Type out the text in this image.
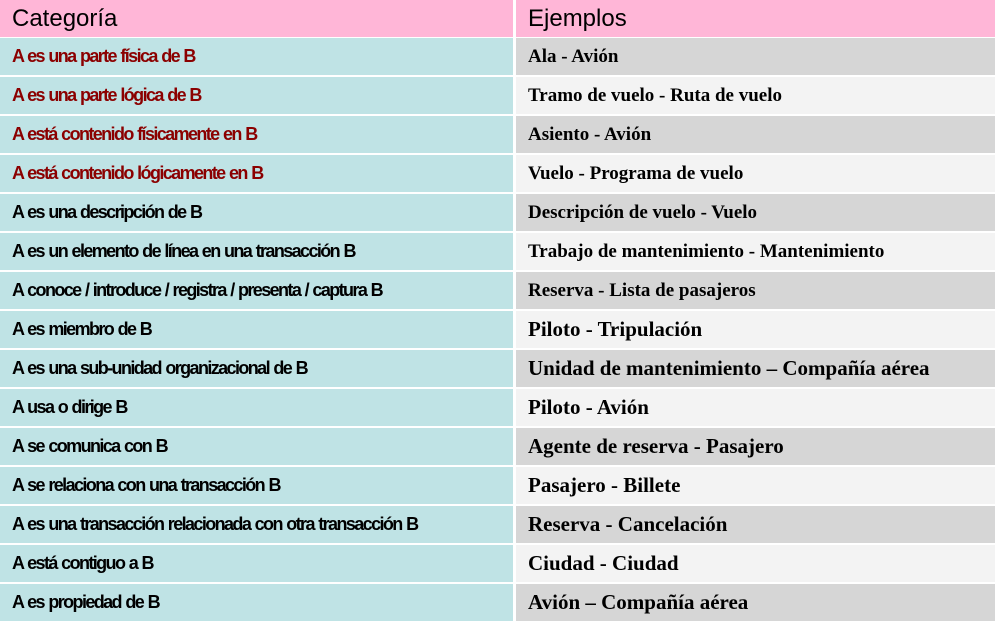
Categoría	Ejemplos
A es una parte física de B	Ala - Avión
A es una parte lógica de B	Tramo de vuelo - Ruta de vuelo
A está contenido físicamente en B	Asiento - Avión
A está contenido lógicamente en B	Vuelo - Programa de vuelo
A es una descripción de B	Descripción de vuelo - Vuelo
A es un elemento de línea en una transacción B	Trabajo de mantenimiento - Mantenimiento
A conoce / introduce / registra / presenta / captura B	Reserva - Lista de pasajeros
A es miembro de B	Piloto - Tripulación
A es una sub-unidad organizacional de B	Unidad de mantenimiento – Compañía aérea
A usa o dirige B	Piloto - Avión
A se comunica con B	Agente de reserva - Pasajero
A se relaciona con una transacción B	Pasajero - Billete
A es una transacción relacionada con otra transacción B	Reserva - Cancelación
A está contiguo a B	Ciudad - Ciudad
A es propiedad de B	Avión – Compañía aérea
